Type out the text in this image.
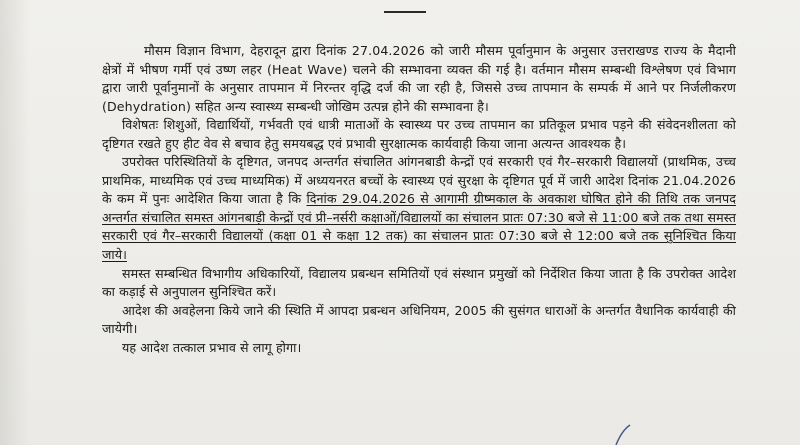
मौसम विज्ञान विभाग, देहरादून द्वारा दिनांक 27.04.2026 को जारी मौसम पूर्वानुमान के अनुसार उत्तराखण्ड राज्य के मैदानी क्षेत्रों में भीषण गर्मी एवं उष्ण लहर (Heat Wave) चलने की सम्भावना व्यक्त की गई है। वर्तमान मौसम सम्बन्धी विश्लेषण एवं विभाग द्वारा जारी पूर्वानुमानों के अनुसार तापमान में निरन्तर वृद्धि दर्ज की जा रही है, जिससे उच्च तापमान के सम्पर्क में आने पर निर्जलीकरण (Dehydration) सहित अन्य स्वास्थ्य सम्बन्धी जोखिम उत्पन्न होने की सम्भावना है।

विशेषतः शिशुओं, विद्यार्थियों, गर्भवती एवं धात्री माताओं के स्वास्थ्य पर उच्च तापमान का प्रतिकूल प्रभाव पड़ने की संवेदनशीलता को दृष्टिगत रखते हुए हीट वेव से बचाव हेतु समयबद्ध एवं प्रभावी सुरक्षात्मक कार्यवाही किया जाना अत्यन्त आवश्यक है।

उपरोक्त परिस्थितियों के दृष्टिगत, जनपद अन्तर्गत संचालित आंगनबाडी केन्द्रों एवं सरकारी एवं गैर–सरकारी विद्यालयों (प्राथमिक, उच्च प्राथमिक, माध्यमिक एवं उच्च माध्यमिक) में अध्ययनरत बच्चों के स्वास्थ्य एवं सुरक्षा के दृष्टिगत पूर्व में जारी आदेश दिनांक 21.04.2026 के कम में पुनः आदेशित किया जाता है कि दिनांक 29.04.2026 से आगामी ग्रीष्मकाल के अवकाश घोषित होने की तिथि तक जनपद अन्तर्गत संचालित समस्त आंगनबाड़ी केन्द्रों एवं प्री–नर्सरी कक्षाओं/विद्यालयों का संचालन प्रातः 07:30 बजे से 11:00 बजे तक तथा समस्त सरकारी एवं गैर–सरकारी विद्यालयों (कक्षा 01 से कक्षा 12 तक) का संचालन प्रातः 07:30 बजे से 12:00 बजे तक सुनिश्चित किया जाये।

समस्त सम्बन्धित विभागीय अधिकारियों, विद्यालय प्रबन्धन समितियों एवं संस्थान प्रमुखों को निर्देशित किया जाता है कि उपरोक्त आदेश का कड़ाई से अनुपालन सुनिश्चित करें।

आदेश की अवहेलना किये जाने की स्थिति में आपदा प्रबन्धन अधिनियम, 2005 की सुसंगत धाराओं के अन्तर्गत वैधानिक कार्यवाही की जायेगी।

यह आदेश तत्काल प्रभाव से लागू होगा।
